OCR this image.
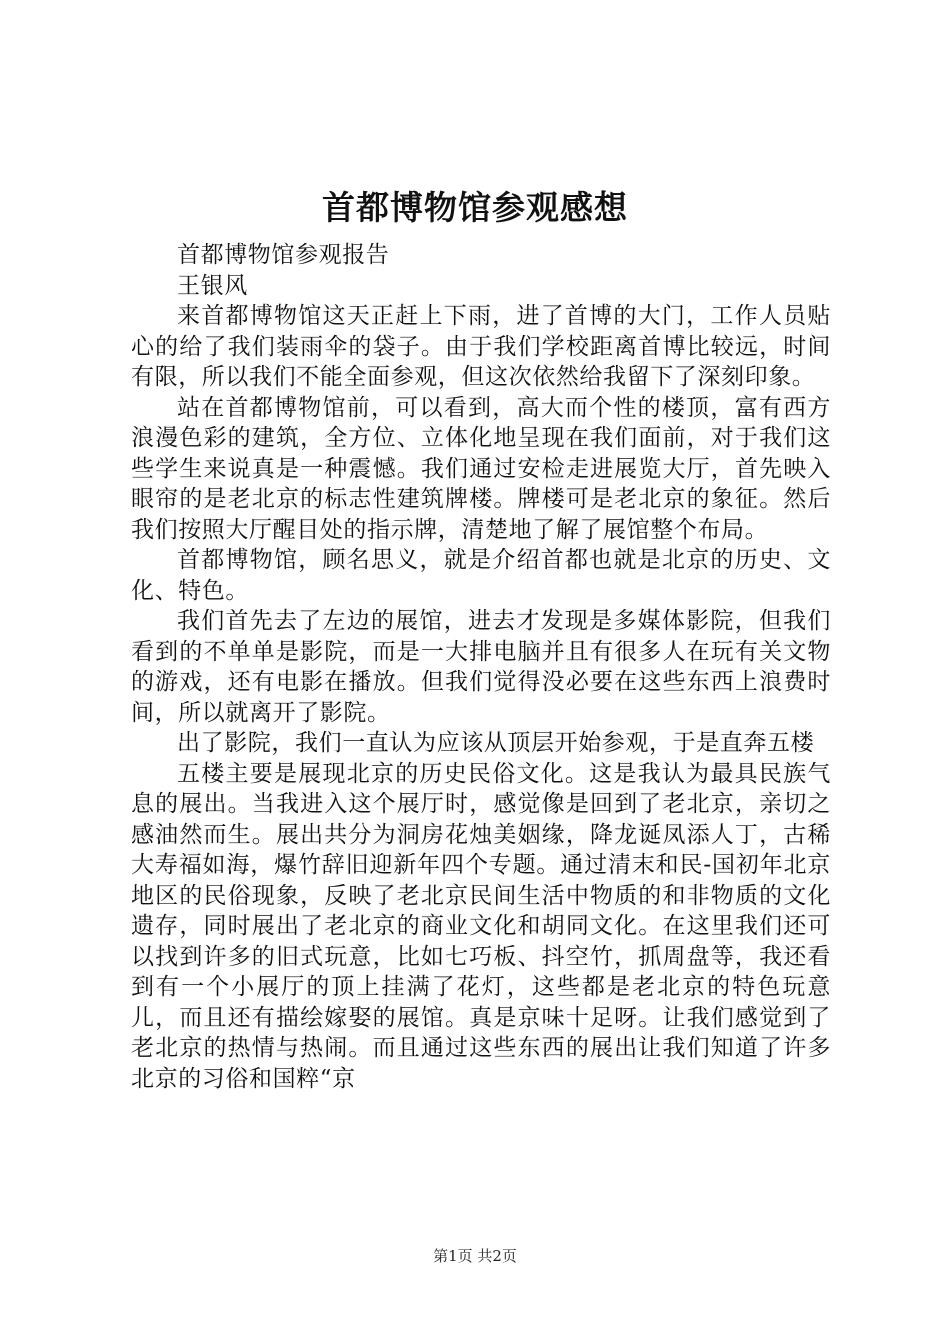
首都博物馆参观感想

首都博物馆参观报告

王银风

来首都博物馆这天正赶上下雨，进了首博的大门，工作人员贴心的给了我们装雨伞的袋子。由于我们学校距离首博比较远，时间有限，所以我们不能全面参观，但这次依然给我留下了深刻印象。

站在首都博物馆前，可以看到，高大而个性的楼顶，富有西方浪漫色彩的建筑，全方位、立体化地呈现在我们面前，对于我们这些学生来说真是一种震憾。我们通过安检走进展览大厅，首先映入眼帘的是老北京的标志性建筑牌楼。牌楼可是老北京的象征。然后我们按照大厅醒目处的指示牌，清楚地了解了展馆整个布局。

首都博物馆，顾名思义，就是介绍首都也就是北京的历史、文化、特色。

我们首先去了左边的展馆，进去才发现是多媒体影院，但我们看到的不单单是影院，而是一大排电脑并且有很多人在玩有关文物的游戏，还有电影在播放。但我们觉得没必要在这些东西上浪费时间，所以就离开了影院。

出了影院，我们一直认为应该从顶层开始参观，于是直奔五楼

五楼主要是展现北京的历史民俗文化。这是我认为最具民族气息的展出。当我进入这个展厅时，感觉像是回到了老北京，亲切之感油然而生。展出共分为洞房花烛美姻缘，降龙诞凤添人丁，古稀大寿福如海，爆竹辞旧迎新年四个专题。通过清末和民-国初年北京地区的民俗现象，反映了老北京民间生活中物质的和非物质的文化遗存，同时展出了老北京的商业文化和胡同文化。在这里我们还可以找到许多的旧式玩意，比如七巧板、抖空竹，抓周盘等，我还看到有一个小展厅的顶上挂满了花灯，这些都是老北京的特色玩意儿，而且还有描绘嫁娶的展馆。真是京味十足呀。让我们感觉到了老北京的热情与热闹。而且通过这些东西的展出让我们知道了许多北京的习俗和国粹“京

第1页 共2页
